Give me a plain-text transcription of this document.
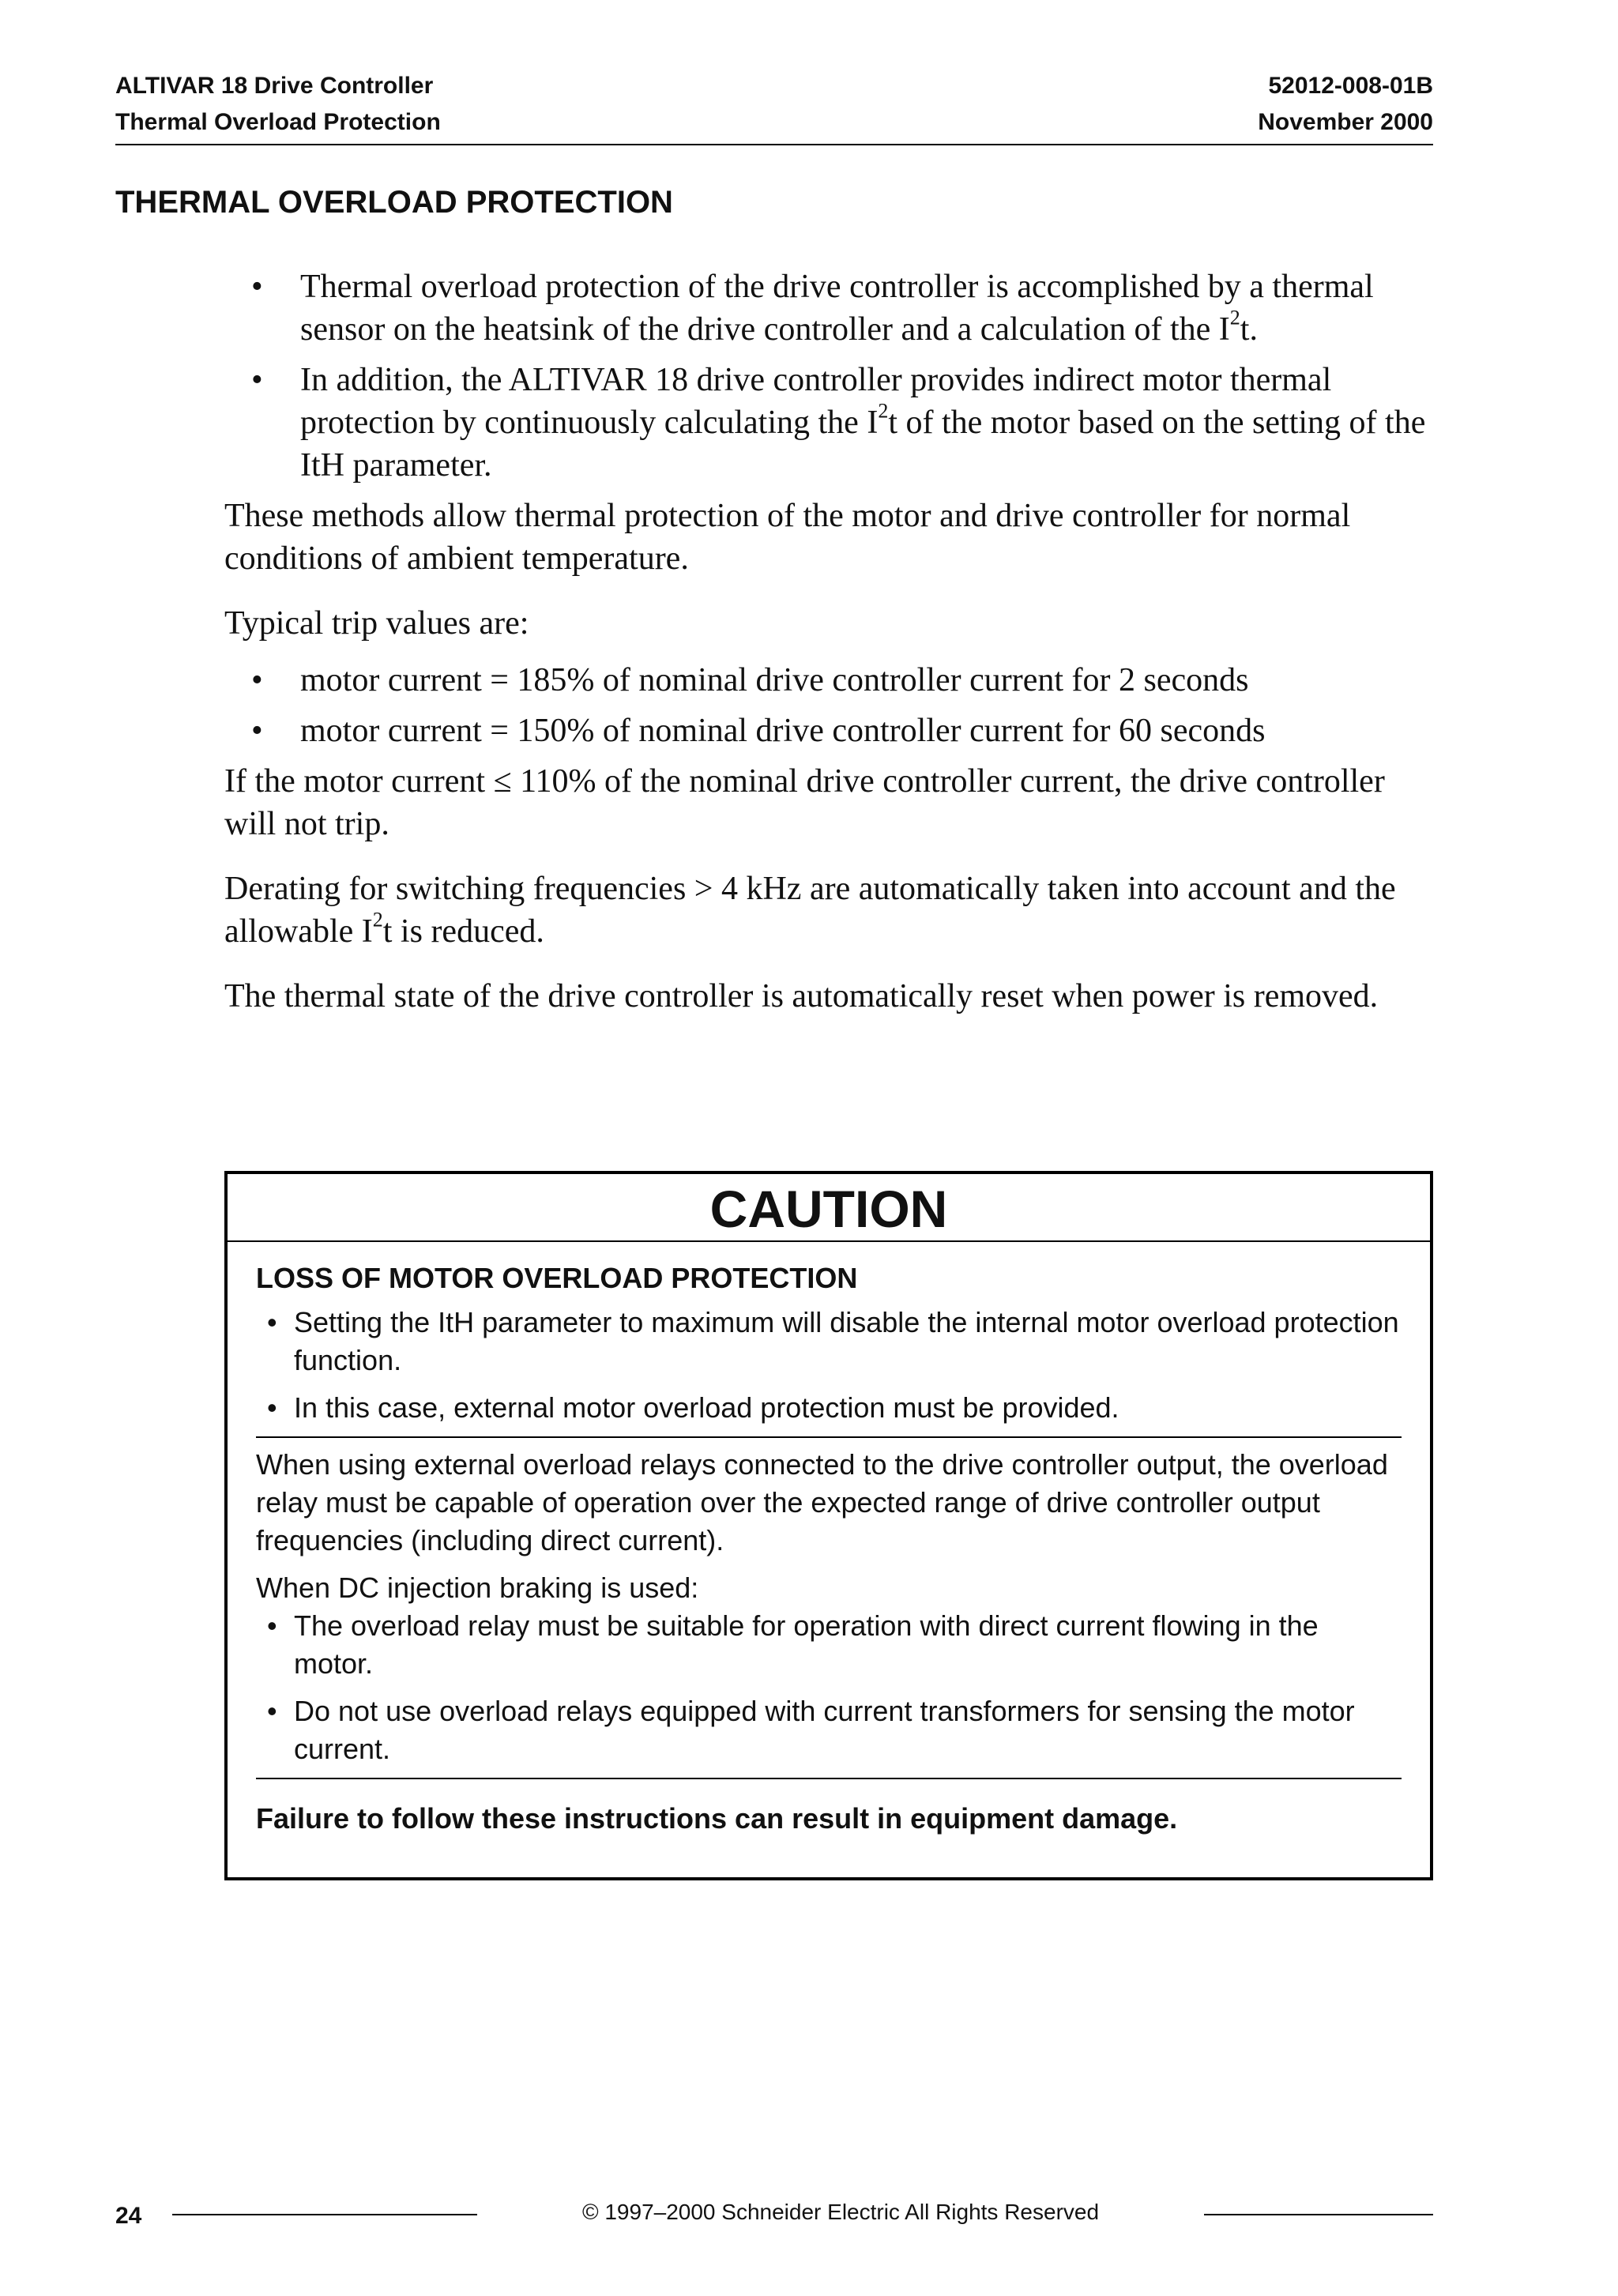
ALTIVAR 18 Drive Controller
Thermal Overload Protection
52012-008-01B
November 2000
THERMAL OVERLOAD PROTECTION
• Thermal overload protection of the drive controller is accomplished by a thermal sensor on the heatsink of the drive controller and a calculation of the $I^2t$.
• In addition, the ALTIVAR 18 drive controller provides indirect motor thermal protection by continuously calculating the $I^2t$ of the motor based on the setting of the ItH parameter.

These methods allow thermal protection of the motor and drive controller for normal conditions of ambient temperature.

Typical trip values are:

• motor current = 185% of nominal drive controller current for 2 seconds
• motor current = 150% of nominal drive controller current for 60 seconds

If the motor current ≤ 110% of the nominal drive controller current, the drive controller will not trip.

Derating for switching frequencies > 4 kHz are automatically taken into account and the allowable $I^2t$ is reduced.

The thermal state of the drive controller is automatically reset when power is removed.

CAUTION
LOSS OF MOTOR OVERLOAD PROTECTION
• Setting the ItH parameter to maximum will disable the internal motor overload protection function.
• In this case, external motor overload protection must be provided.
When using external overload relays connected to the drive controller output, the overload relay must be capable of operation over the expected range of drive controller output frequencies (including direct current).
When DC injection braking is used:
• The overload relay must be suitable for operation with direct current flowing in the motor.
• Do not use overload relays equipped with current transformers for sensing the motor current.
Failure to follow these instructions can result in equipment damage.
24	© 1997–2000 Schneider Electric All Rights Reserved
